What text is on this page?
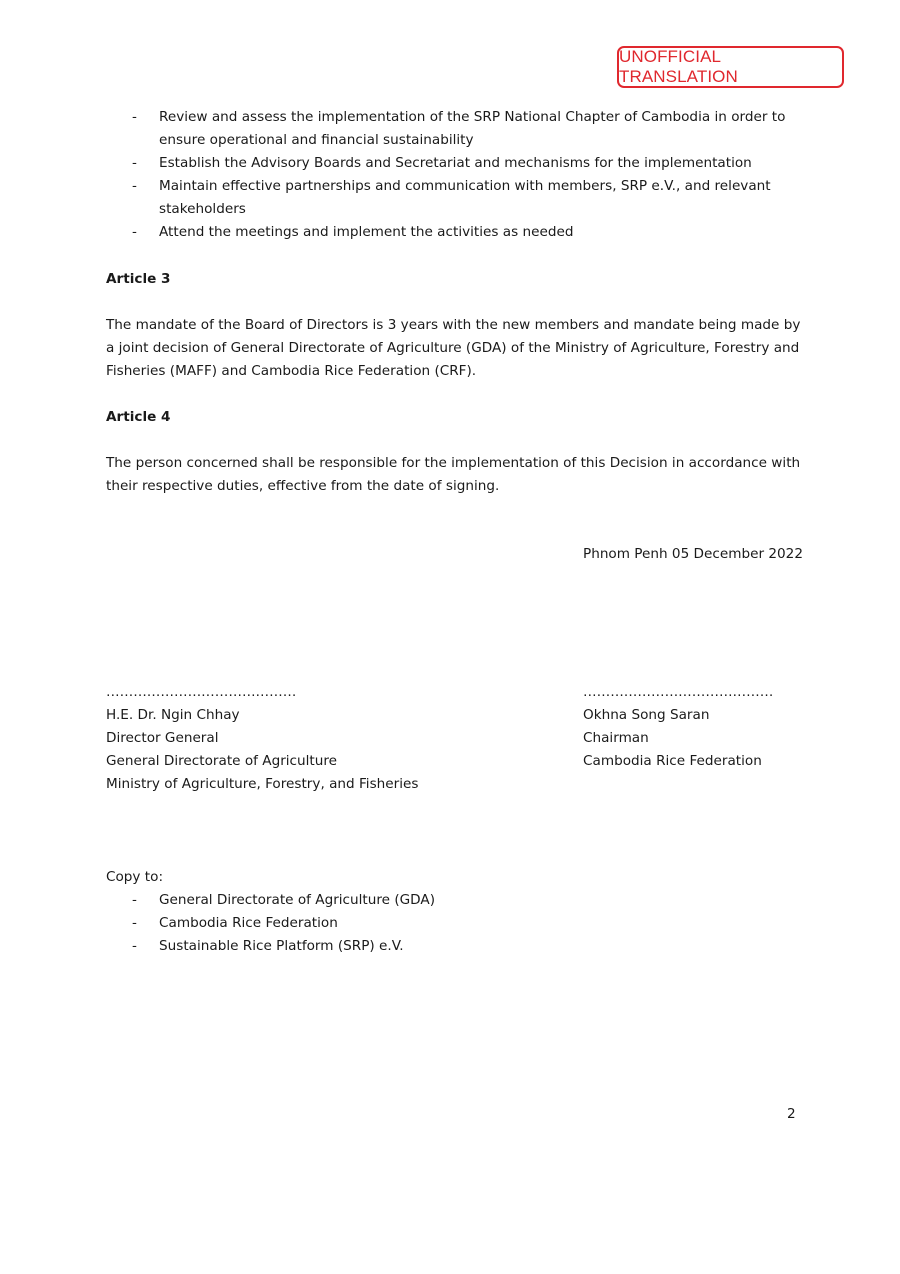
UNOFFICIAL TRANSLATION
- Review and assess the implementation of the SRP National Chapter of Cambodia in order to ensure operational and financial sustainability
- Establish the Advisory Boards and Secretariat and mechanisms for the implementation
- Maintain effective partnerships and communication with members, SRP e.V., and relevant stakeholders
- Attend the meetings and implement the activities as needed
Article 3
The mandate of the Board of Directors is 3 years with the new members and mandate being made by a joint decision of General Directorate of Agriculture (GDA) of the Ministry of Agriculture, Forestry and Fisheries (MAFF) and Cambodia Rice Federation (CRF).
Article 4
The person concerned shall be responsible for the implementation of this Decision in accordance with their respective duties, effective from the date of signing.
Phnom Penh 05 December 2022
……………………………………
H.E. Dr. Ngin Chhay
Director General
General Directorate of Agriculture
Ministry of Agriculture, Forestry, and Fisheries
……………………………………
Okhna Song Saran
Chairman
Cambodia Rice Federation
Copy to:
- General Directorate of Agriculture (GDA)
- Cambodia Rice Federation
- Sustainable Rice Platform (SRP) e.V.
2
